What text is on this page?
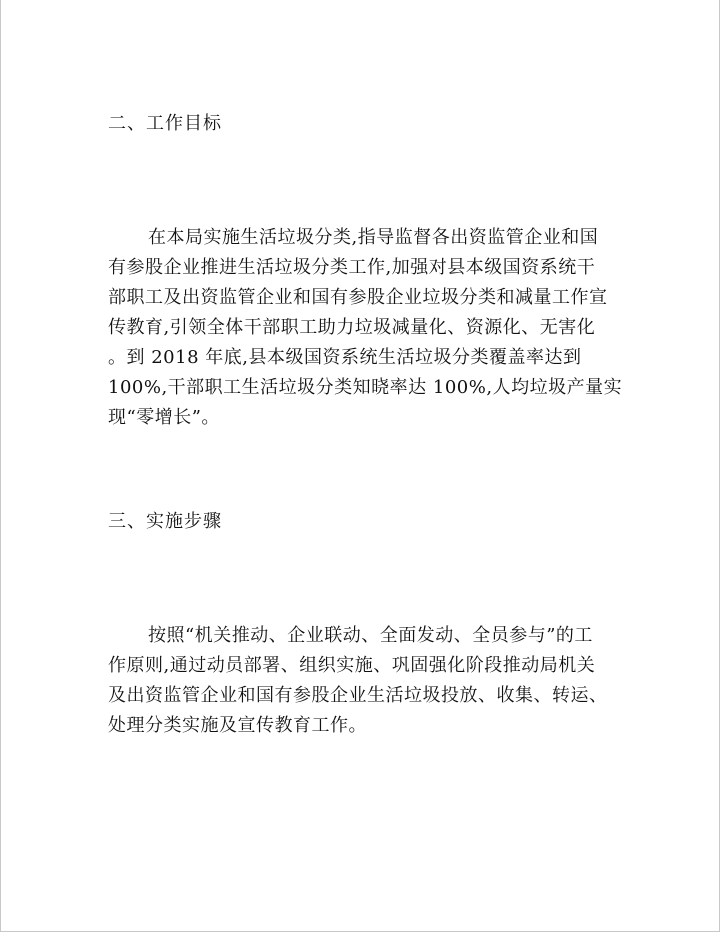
二、工作目标
在本局实施生活垃圾分类,指导监督各出资监管企业和国
有参股企业推进生活垃圾分类工作,加强对县本级国资系统干
部职工及出资监管企业和国有参股企业垃圾分类和减量工作宣
传教育,引领全体干部职工助力垃圾减量化、资源化、无害化
。到 2018 年底,县本级国资系统生活垃圾分类覆盖率达到
100%,干部职工生活垃圾分类知晓率达 100%,人均垃圾产量实
现“零增长”。
三、实施步骤
按照“机关推动、企业联动、全面发动、全员参与”的工
作原则,通过动员部署、组织实施、巩固强化阶段推动局机关
及出资监管企业和国有参股企业生活垃圾投放、收集、转运、
处理分类实施及宣传教育工作。
